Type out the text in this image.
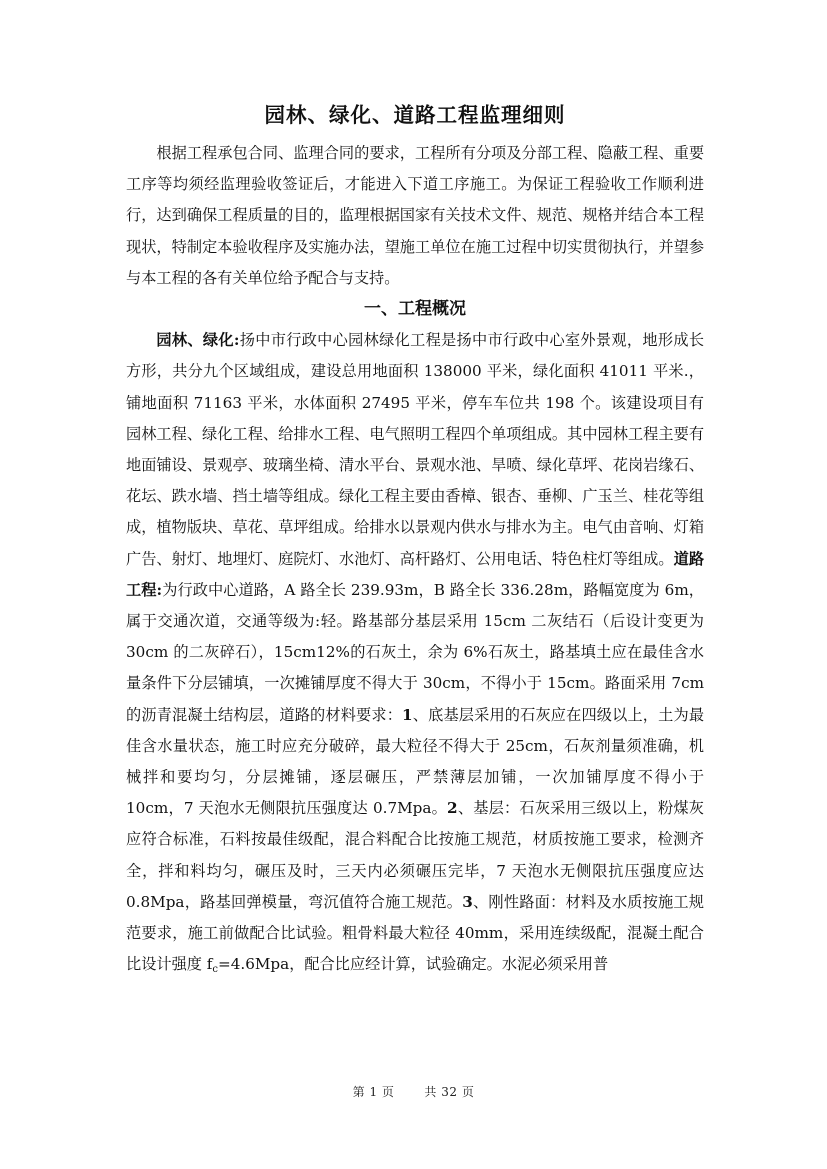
园林、绿化、道路工程监理细则

根据工程承包合同、监理合同的要求，工程所有分项及分部工程、隐蔽工程、重要工序等均须经监理验收签证后，才能进入下道工序施工。为保证工程验收工作顺利进行，达到确保工程质量的目的，监理根据国家有关技术文件、规范、规格并结合本工程现状，特制定本验收程序及实施办法，望施工单位在施工过程中切实贯彻执行，并望参与本工程的各有关单位给予配合与支持。

一、工程概况

园林、绿化:扬中市行政中心园林绿化工程是扬中市行政中心室外景观，地形成长方形，共分九个区域组成，建设总用地面积 138000 平米，绿化面积 41011 平米.，铺地面积 71163 平米，水体面积 27495 平米，停车车位共 198 个。该建设项目有园林工程、绿化工程、给排水工程、电气照明工程四个单项组成。其中园林工程主要有地面铺设、景观亭、玻璃坐椅、清水平台、景观水池、旱喷、绿化草坪、花岗岩缘石、花坛、跌水墙、挡土墙等组成。绿化工程主要由香樟、银杏、垂柳、广玉兰、桂花等组成，植物版块、草花、草坪组成。给排水以景观内供水与排水为主。电气由音响、灯箱广告、射灯、地埋灯、庭院灯、水池灯、高杆路灯、公用电话、特色柱灯等组成。道路工程:为行政中心道路，A 路全长 239.93m，B 路全长 336.28m，路幅宽度为 6m，属于交通次道，交通等级为:轻。路基部分基层采用 15cm 二灰结石（后设计变更为 30cm 的二灰碎石），15cm12%的石灰土，余为 6%石灰土，路基填土应在最佳含水量条件下分层铺填，一次摊铺厚度不得大于 30cm，不得小于 15cm。路面采用 7cm 的沥青混凝土结构层，道路的材料要求：1、底基层采用的石灰应在四级以上，土为最佳含水量状态，施工时应充分破碎，最大粒径不得大于 25cm，石灰剂量须准确，机械拌和要均匀，分层摊铺，逐层碾压，严禁薄层加铺，一次加铺厚度不得小于 10cm，7 天泡水无侧限抗压强度达 0.7Mpa。2、基层：石灰采用三级以上，粉煤灰应符合标准，石料按最佳级配，混合料配合比按施工规范，材质按施工要求，检测齐全，拌和料均匀，碾压及时，三天内必须碾压完毕，7 天泡水无侧限抗压强度应达 0.8Mpa，路基回弹模量，弯沉值符合施工规范。3、刚性路面：材料及水质按施工规范要求，施工前做配合比试验。粗骨料最大粒径 40mm，采用连续级配，混凝土配合比设计强度 $f_c=4.6Mpa$，配合比应经计算，试验确定。水泥必须采用普

第 1 页	共 32 页
